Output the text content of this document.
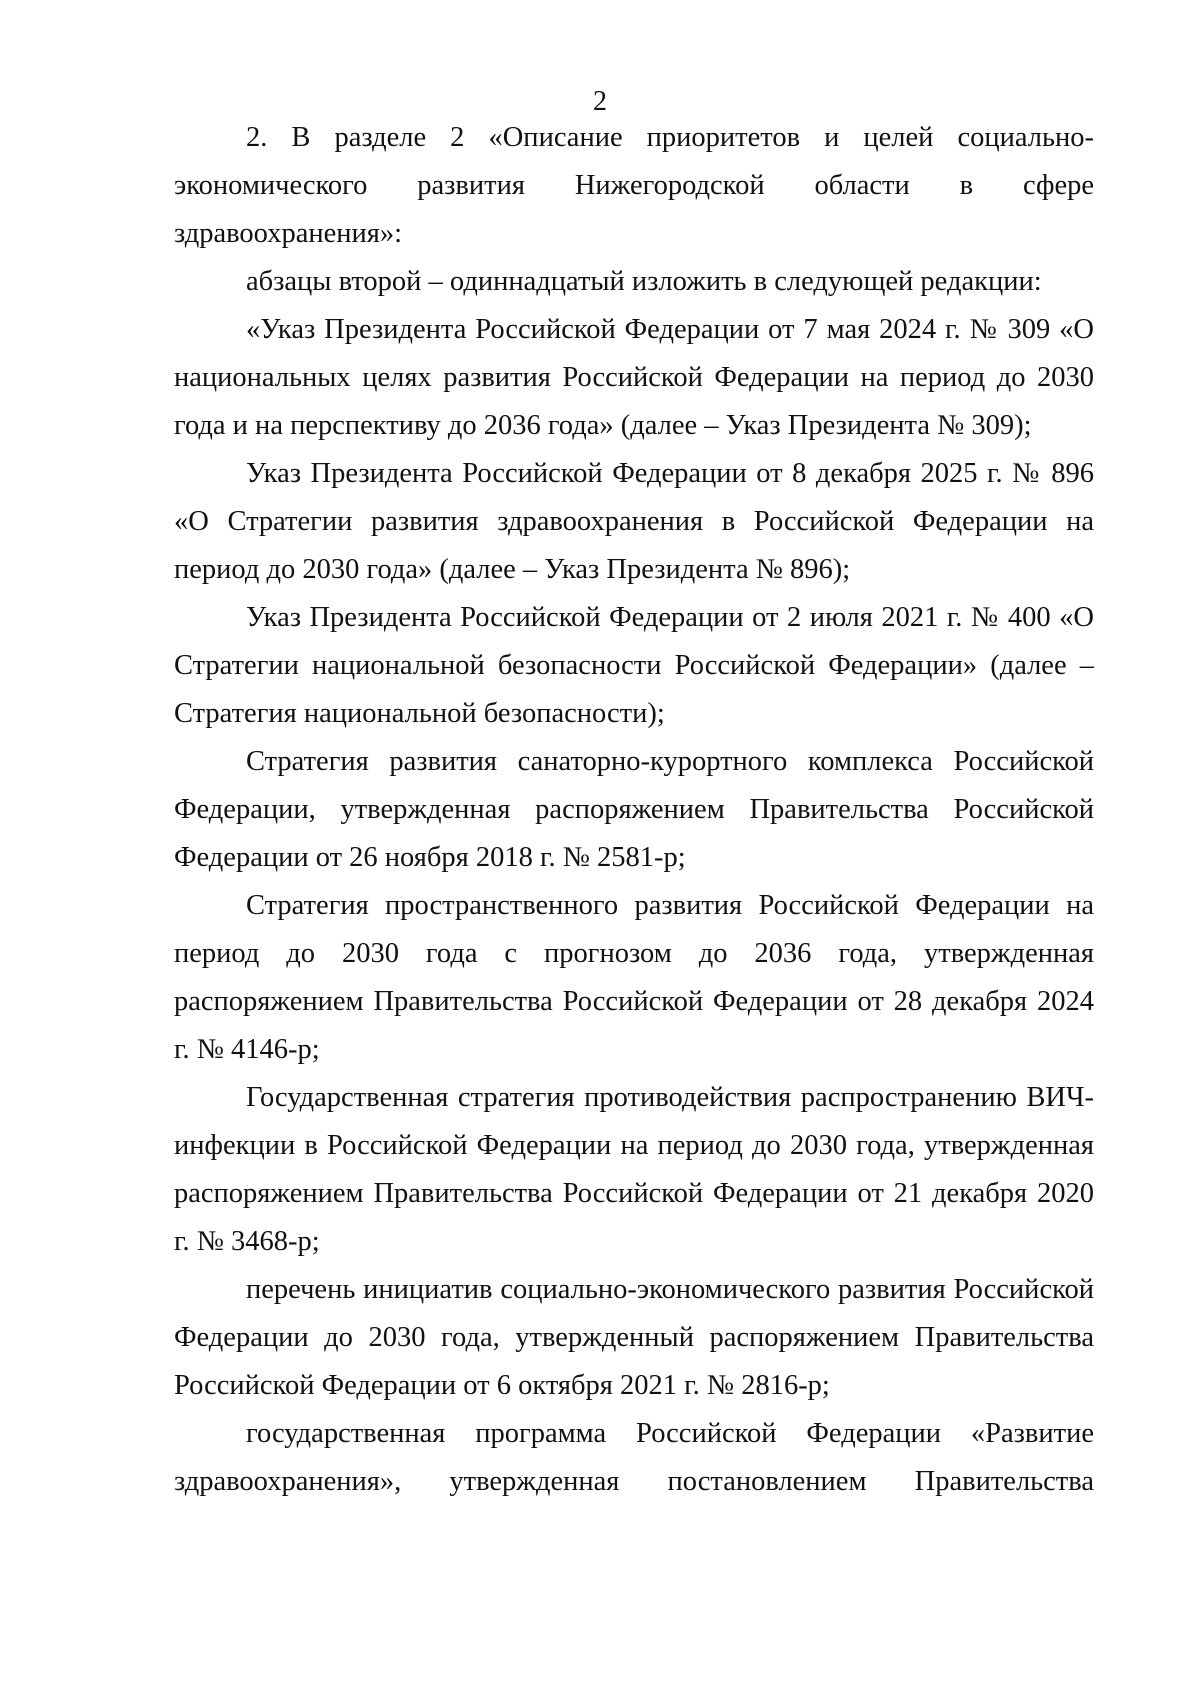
2

2. В разделе 2 «Описание приоритетов и целей социально-экономического развития Нижегородской области в сфере здравоохранения»:

абзацы второй – одиннадцатый изложить в следующей редакции:

«Указ Президента Российской Федерации от 7 мая 2024 г. № 309 «О национальных целях развития Российской Федерации на период до 2030 года и на перспективу до 2036 года» (далее – Указ Президента № 309);

Указ Президента Российской Федерации от 8 декабря 2025 г. № 896 «О Стратегии развития здравоохранения в Российской Федерации на период до 2030 года» (далее – Указ Президента № 896);

Указ Президента Российской Федерации от 2 июля 2021 г. № 400 «О Стратегии национальной безопасности Российской Федерации» (далее – Стратегия национальной безопасности);

Стратегия развития санаторно-курортного комплекса Российской Федерации, утвержденная распоряжением Правительства Российской Федерации от 26 ноября 2018 г. № 2581-р;

Стратегия пространственного развития Российской Федерации на период до 2030 года с прогнозом до 2036 года, утвержденная распоряжением Правительства Российской Федерации от 28 декабря 2024 г. № 4146-р;

Государственная стратегия противодействия распространению ВИЧ-инфекции в Российской Федерации на период до 2030 года, утвержденная распоряжением Правительства Российской Федерации от 21 декабря 2020 г. № 3468-р;

перечень инициатив социально-экономического развития Российской Федерации до 2030 года, утвержденный распоряжением Правительства Российской Федерации от 6 октября 2021 г. № 2816-р;

государственная программа Российской Федерации «Развитие здравоохранения», утвержденная постановлением Правительства
